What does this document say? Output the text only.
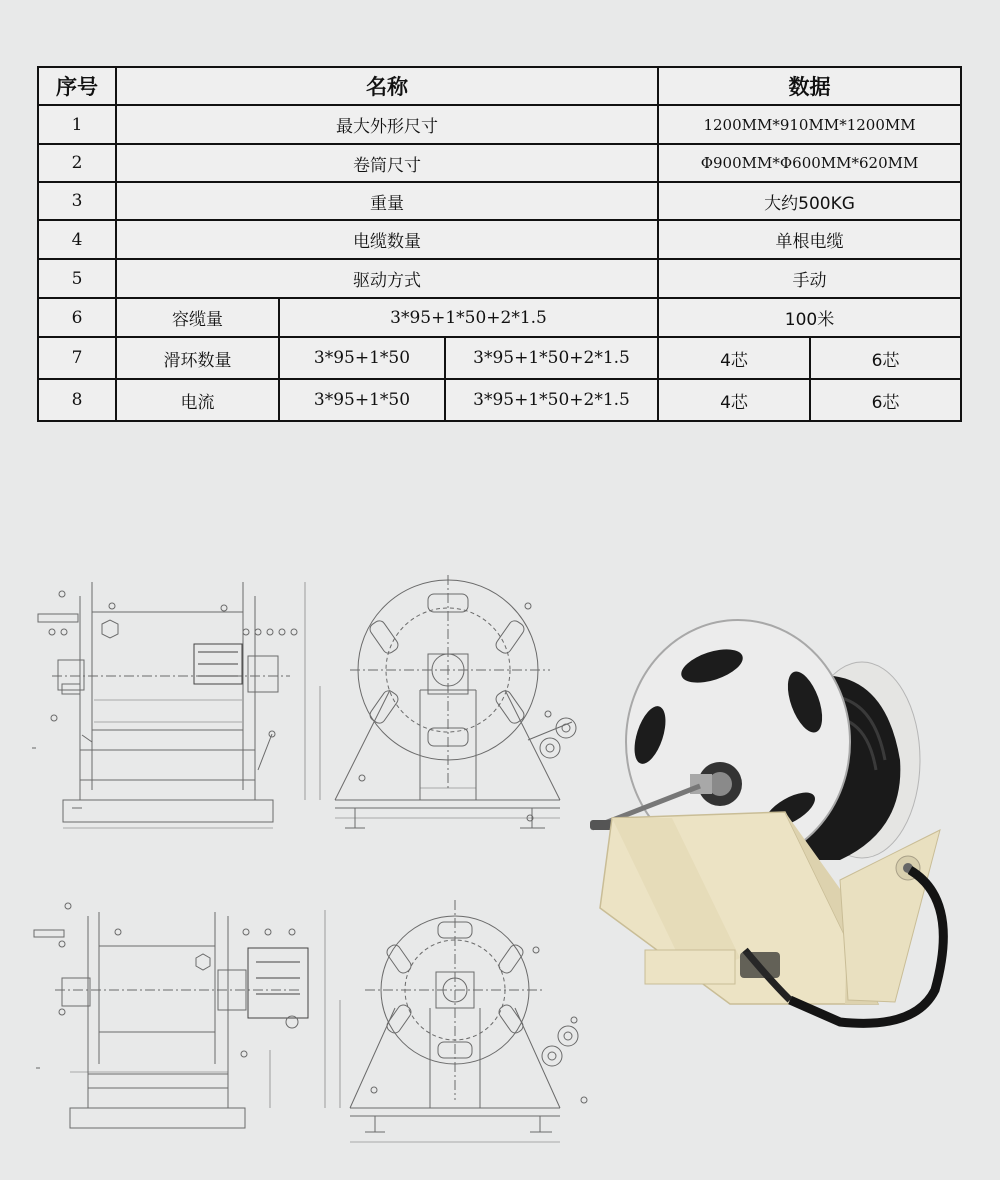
序号	名称			数据	
1	最大外形尺寸			1200MM*910MM*1200MM	
2	卷筒尺寸			Φ900MM*Φ600MM*620MM	
3	重量			大约500KG	
4	电缆数量			单根电缆	
5	驱动方式			手动	
6	容缆量	3*95+1*50+2*1.5		100米	
7	滑环数量	3*95+1*50	3*95+1*50+2*1.5	4芯	6芯
8	电流	3*95+1*50	3*95+1*50+2*1.5	4芯	6芯
